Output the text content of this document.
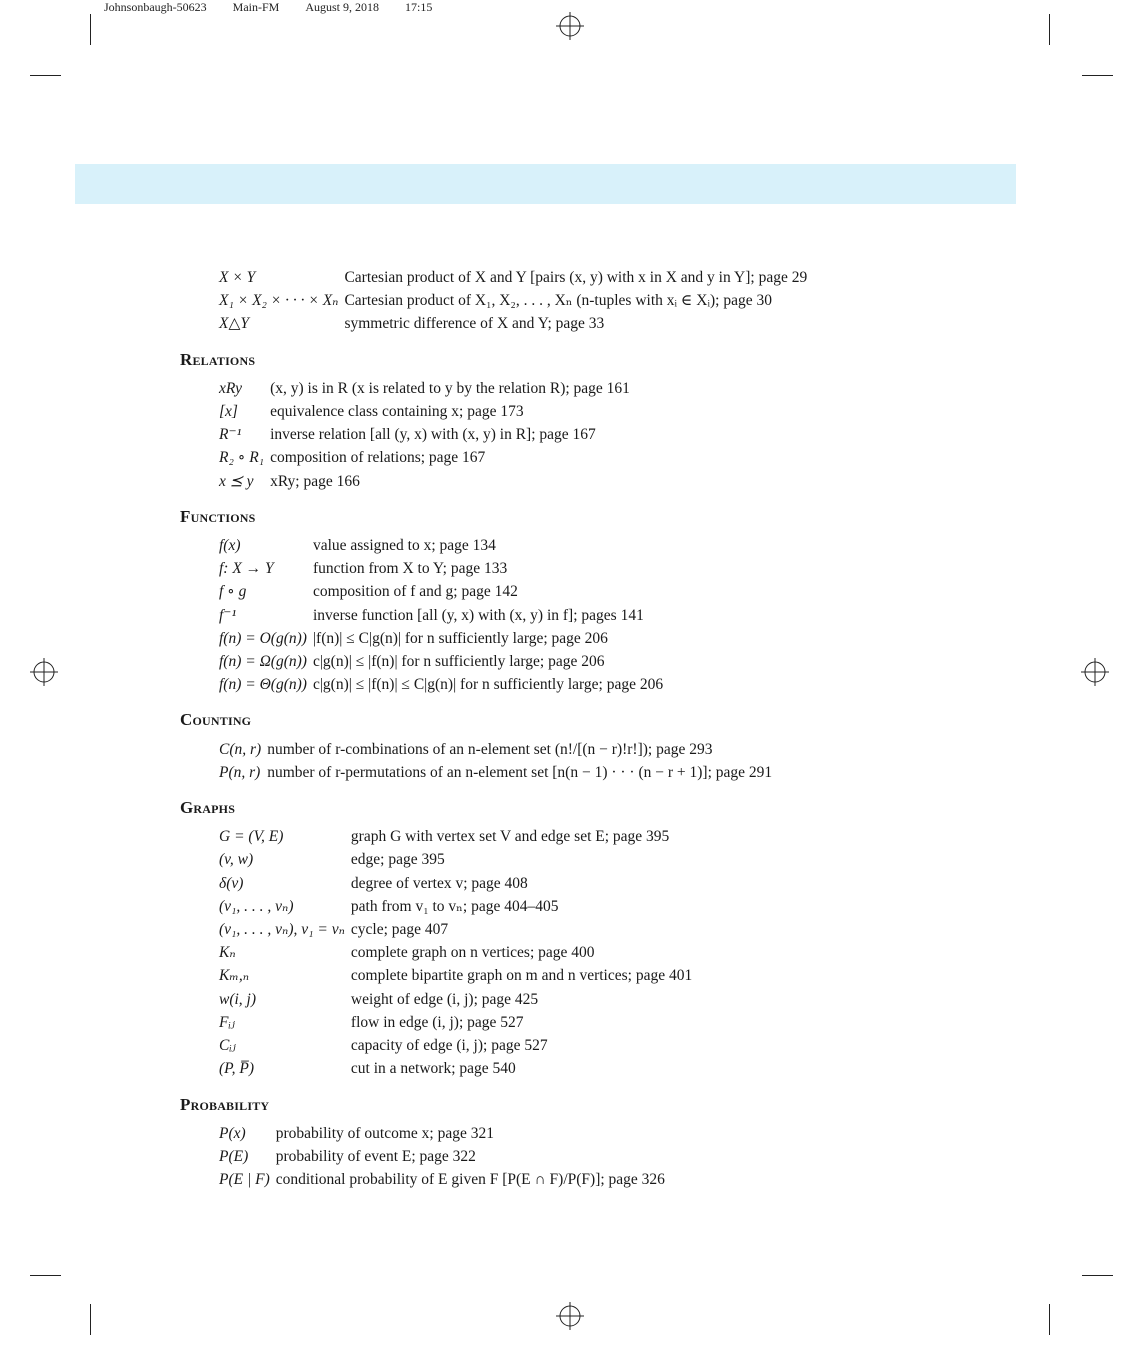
Johnsonbaugh-50623 Main-FM August 9, 2018 17:15
X × Y	Cartesian product of X and Y [pairs (x, y) with x in X and y in Y]; page 29
X₁ × X₂ × · · · × Xₙ	Cartesian product of X₁, X₂, . . . , Xₙ (n-tuples with xᵢ ∈ Xᵢ); page 30
X△Y	symmetric difference of X and Y; page 33
Relations
xRy	(x, y) is in R (x is related to y by the relation R); page 161
[x]	equivalence class containing x; page 173
R⁻¹	inverse relation [all (y, x) with (x, y) in R]; page 167
R₂ ∘ R₁	composition of relations; page 167
x ⪯ y	xRy; page 166
Functions
f(x)	value assigned to x; page 134
f: X → Y	function from X to Y; page 133
f ∘ g	composition of f and g; page 142
f⁻¹	inverse function [all (y, x) with (x, y) in f]; pages 141
f(n) = O(g(n))	|f(n)| ≤ C|g(n)| for n sufficiently large; page 206
f(n) = Ω(g(n))	c|g(n)| ≤ |f(n)| for n sufficiently large; page 206
f(n) = Θ(g(n))	c|g(n)| ≤ |f(n)| ≤ C|g(n)| for n sufficiently large; page 206
Counting
C(n, r)	number of r-combinations of an n-element set (n!/[(n − r)!r!]); page 293
P(n, r)	number of r-permutations of an n-element set [n(n − 1) · · · (n − r + 1)]; page 291
Graphs
G = (V, E)	graph G with vertex set V and edge set E; page 395
(v, w)	edge; page 395
δ(v)	degree of vertex v; page 408
(v₁, . . . , vₙ)	path from v₁ to vₙ; page 404–405
(v₁, . . . , vₙ), v₁ = vₙ	cycle; page 407
Kₙ	complete graph on n vertices; page 400
Kₘ,ₙ	complete bipartite graph on m and n vertices; page 401
w(i, j)	weight of edge (i, j); page 425
Fᵢⱼ	flow in edge (i, j); page 527
Cᵢⱼ	capacity of edge (i, j); page 527
(P, P̅)	cut in a network; page 540
Probability
P(x)	probability of outcome x; page 321
P(E)	probability of event E; page 322
P(E | F)	conditional probability of E given F [P(E ∩ F)/P(F)]; page 326
